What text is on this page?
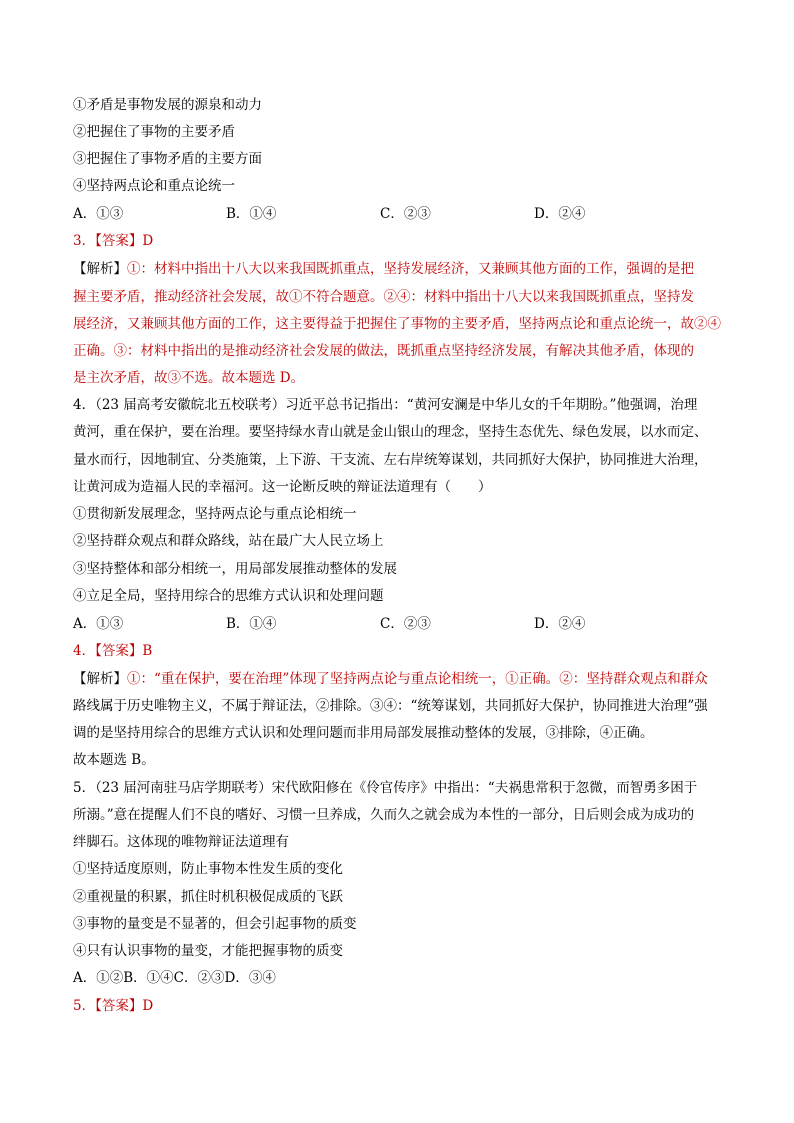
①矛盾是事物发展的源泉和动力
②把握住了事物的主要矛盾
③把握住了事物矛盾的主要方面
④坚持两点论和重点论统一
A．①③	B．①④	C．②③	D．②④
3．【答案】D
【解析】①：材料中指出十八大以来我国既抓重点，坚持发展经济，又兼顾其他方面的工作，强调的是把
握主要矛盾，推动经济社会发展，故①不符合题意。②④：材料中指出十八大以来我国既抓重点，坚持发
展经济，又兼顾其他方面的工作，这主要得益于把握住了事物的主要矛盾，坚持两点论和重点论统一，故②④
正确。③：材料中指出的是推动经济社会发展的做法，既抓重点坚持经济发展，有解决其他矛盾，体现的
是主次矛盾，故③不选。故本题选 D。
4．（23 届高考安徽皖北五校联考）习近平总书记指出：“黄河安澜是中华儿女的千年期盼。”他强调，治理
黄河，重在保护，要在治理。要坚持绿水青山就是金山银山的理念，坚持生态优先、绿色发展，以水而定、
量水而行，因地制宜、分类施策，上下游、干支流、左右岸统筹谋划，共同抓好大保护，协同推进大治理，
让黄河成为造福人民的幸福河。这一论断反映的辩证法道理有（　　）
①贯彻新发展理念，坚持两点论与重点论相统一
②坚持群众观点和群众路线，站在最广大人民立场上
③坚持整体和部分相统一，用局部发展推动整体的发展
④立足全局，坚持用综合的思维方式认识和处理问题
A．①③	B．①④	C．②③	D．②④
4．【答案】B
【解析】①：“重在保护，要在治理”体现了坚持两点论与重点论相统一，①正确。②：坚持群众观点和群众
路线属于历史唯物主义，不属于辩证法，②排除。③④：“统筹谋划，共同抓好大保护，协同推进大治理”强
调的是坚持用综合的思维方式认识和处理问题而非用局部发展推动整体的发展，③排除，④正确。
故本题选 B。
5．（23 届河南驻马店学期联考）宋代欧阳修在《伶官传序》中指出：“夫祸患常积于忽微，而智勇多困于
所溺。”意在提醒人们不良的嗜好、习惯一旦养成，久而久之就会成为本性的一部分，日后则会成为成功的
绊脚石。这体现的唯物辩证法道理有
①坚持适度原则，防止事物本性发生质的变化
②重视量的积累，抓住时机积极促成质的飞跃
③事物的量变是不显著的，但会引起事物的质变
④只有认识事物的量变，才能把握事物的质变
A．①②B．①④C．②③D．③④
5．【答案】D
